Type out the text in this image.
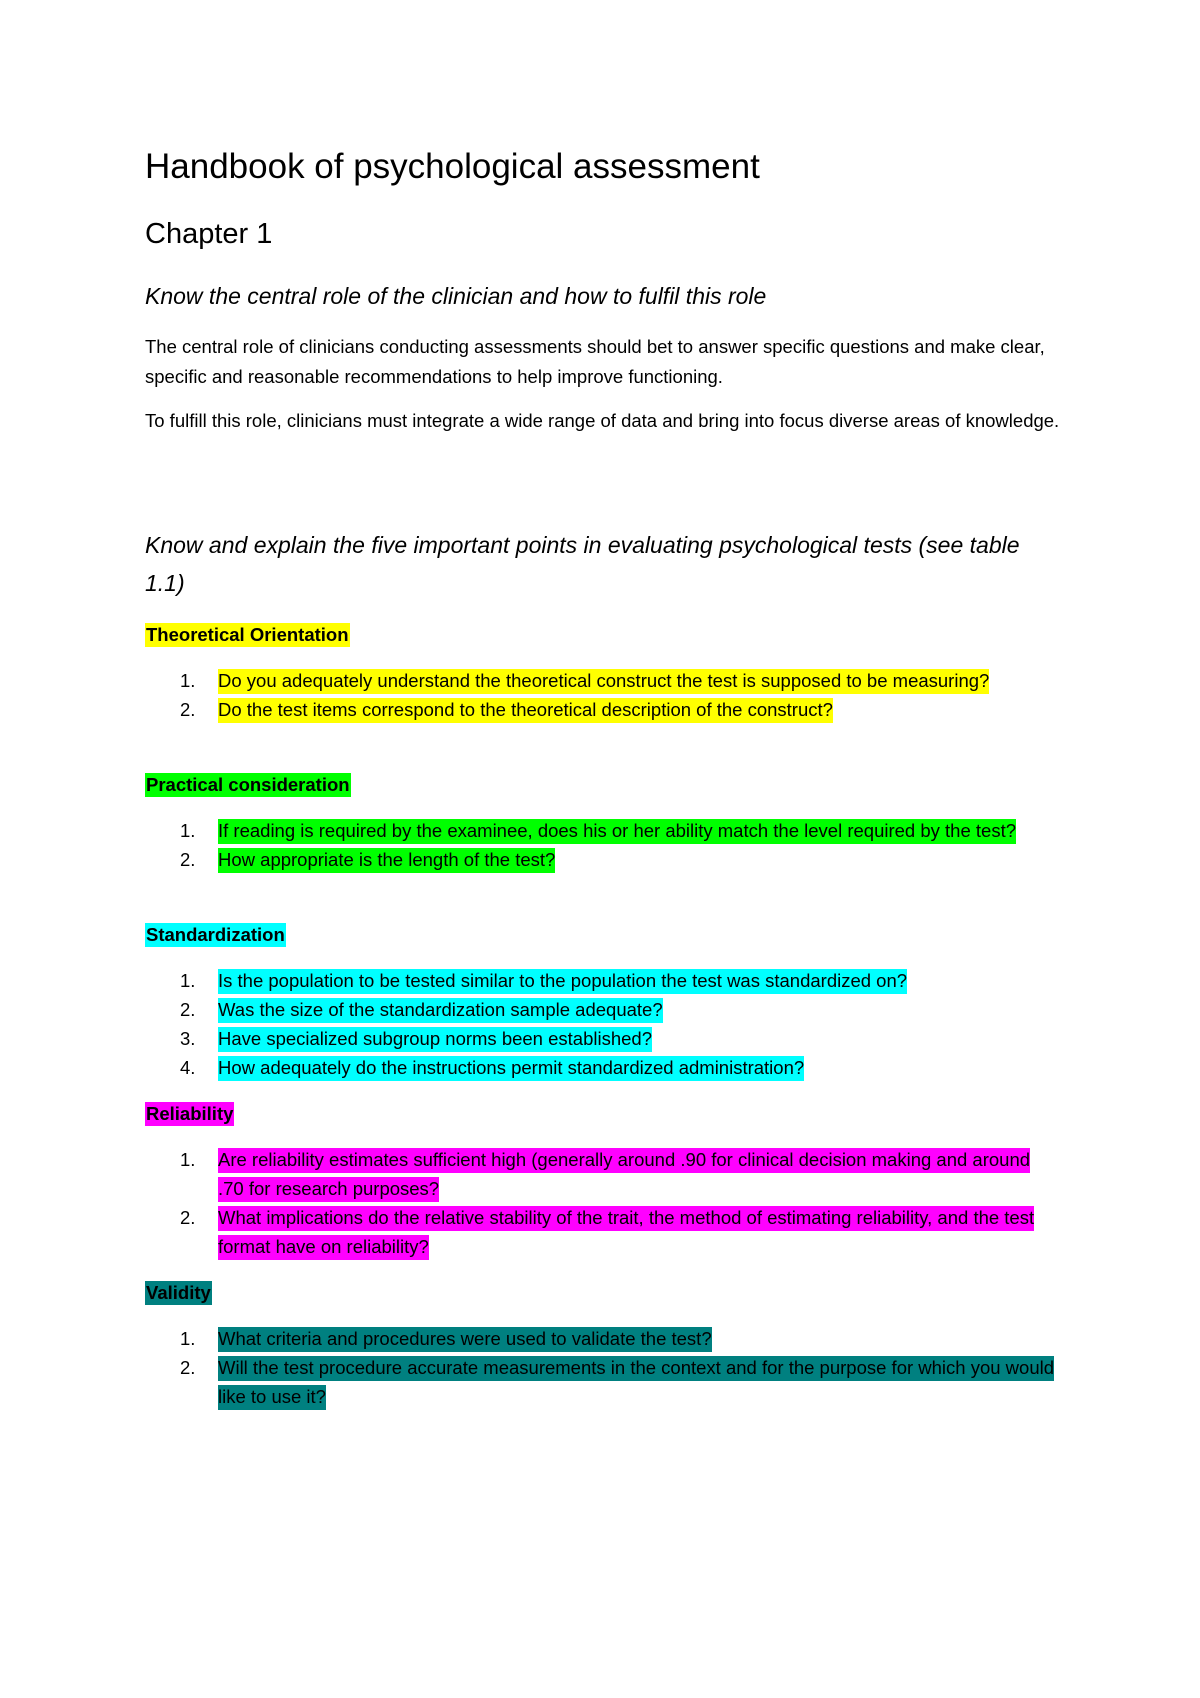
Handbook of psychological assessment
Chapter 1
Know the central role of the clinician and how to fulfil this role

The central role of clinicians conducting assessments should bet to answer specific questions and make clear, specific and reasonable recommendations to help improve functioning.

To fulfill this role, clinicians must integrate a wide range of data and bring into focus diverse areas of knowledge.

Know and explain the five important points in evaluating psychological tests (see table 1.1)

Theoretical Orientation
1. Do you adequately understand the theoretical construct the test is supposed to be measuring?
2. Do the test items correspond to the theoretical description of the construct?
Practical consideration
1. If reading is required by the examinee, does his or her ability match the level required by the test?
2. How appropriate is the length of the test?
Standardization
1. Is the population to be tested similar to the population the test was standardized on?
2. Was the size of the standardization sample adequate?
3. Have specialized subgroup norms been established?
4. How adequately do the instructions permit standardized administration?
Reliability
1. Are reliability estimates sufficient high (generally around .90 for clinical decision making and around .70 for research purposes?
2. What implications do the relative stability of the trait, the method of estimating reliability, and the test format have on reliability?
Validity
1. What criteria and procedures were used to validate the test?
2. Will the test procedure accurate measurements in the context and for the purpose for which you would like to use it?
